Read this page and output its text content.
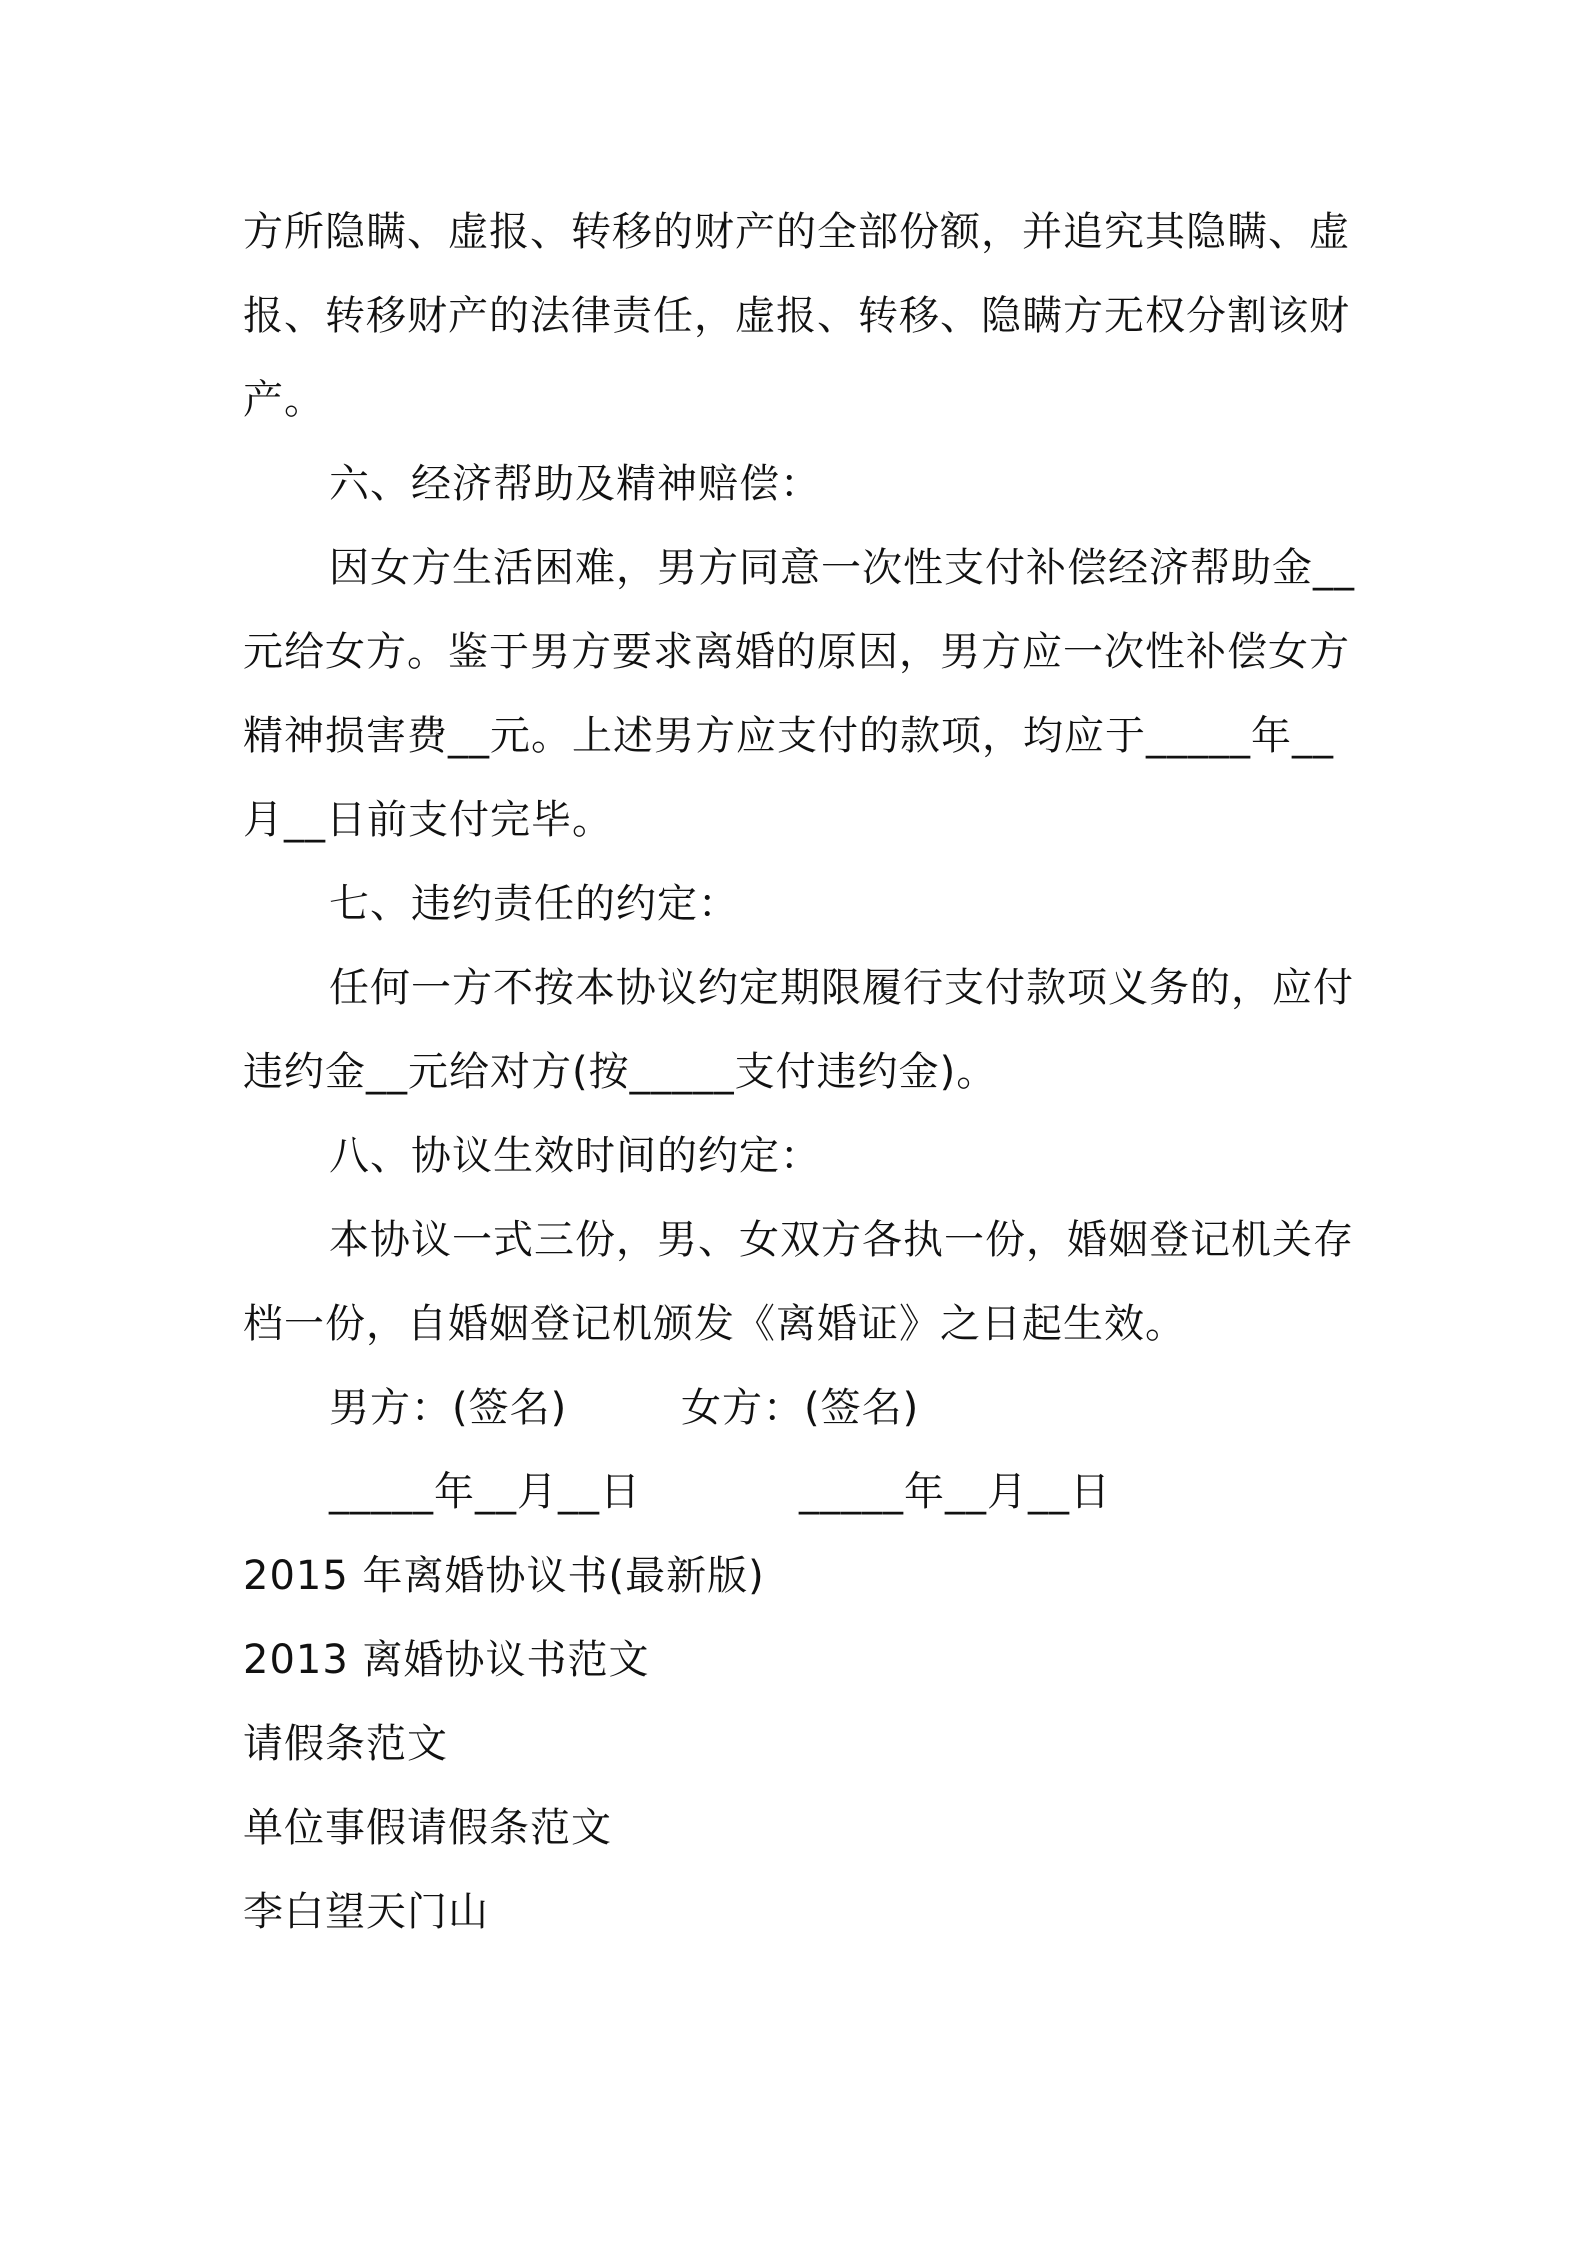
方所隐瞒、虚报、转移的财产的全部份额，并追究其隐瞒、虚报、转移财产的法律责任，虚报、转移、隐瞒方无权分割该财产。

六、经济帮助及精神赔偿：

因女方生活困难，男方同意一次性支付补偿经济帮助金__元给女方。鉴于男方要求离婚的原因，男方应一次性补偿女方精神损害费__元。上述男方应支付的款项，均应于_____年__月__日前支付完毕。

七、违约责任的约定：

任何一方不按本协议约定期限履行支付款项义务的，应付违约金__元给对方(按_____支付违约金)。

八、协议生效时间的约定：

本协议一式三份，男、女双方各执一份，婚姻登记机关存档一份，自婚姻登记机颁发《离婚证》之日起生效。

男方：(签名)	女方：(签名)
_____年__月__日	_____年__月__日
2015 年离婚协议书(最新版)
2013 离婚协议书范文
请假条范文
单位事假请假条范文
李白望天门山
